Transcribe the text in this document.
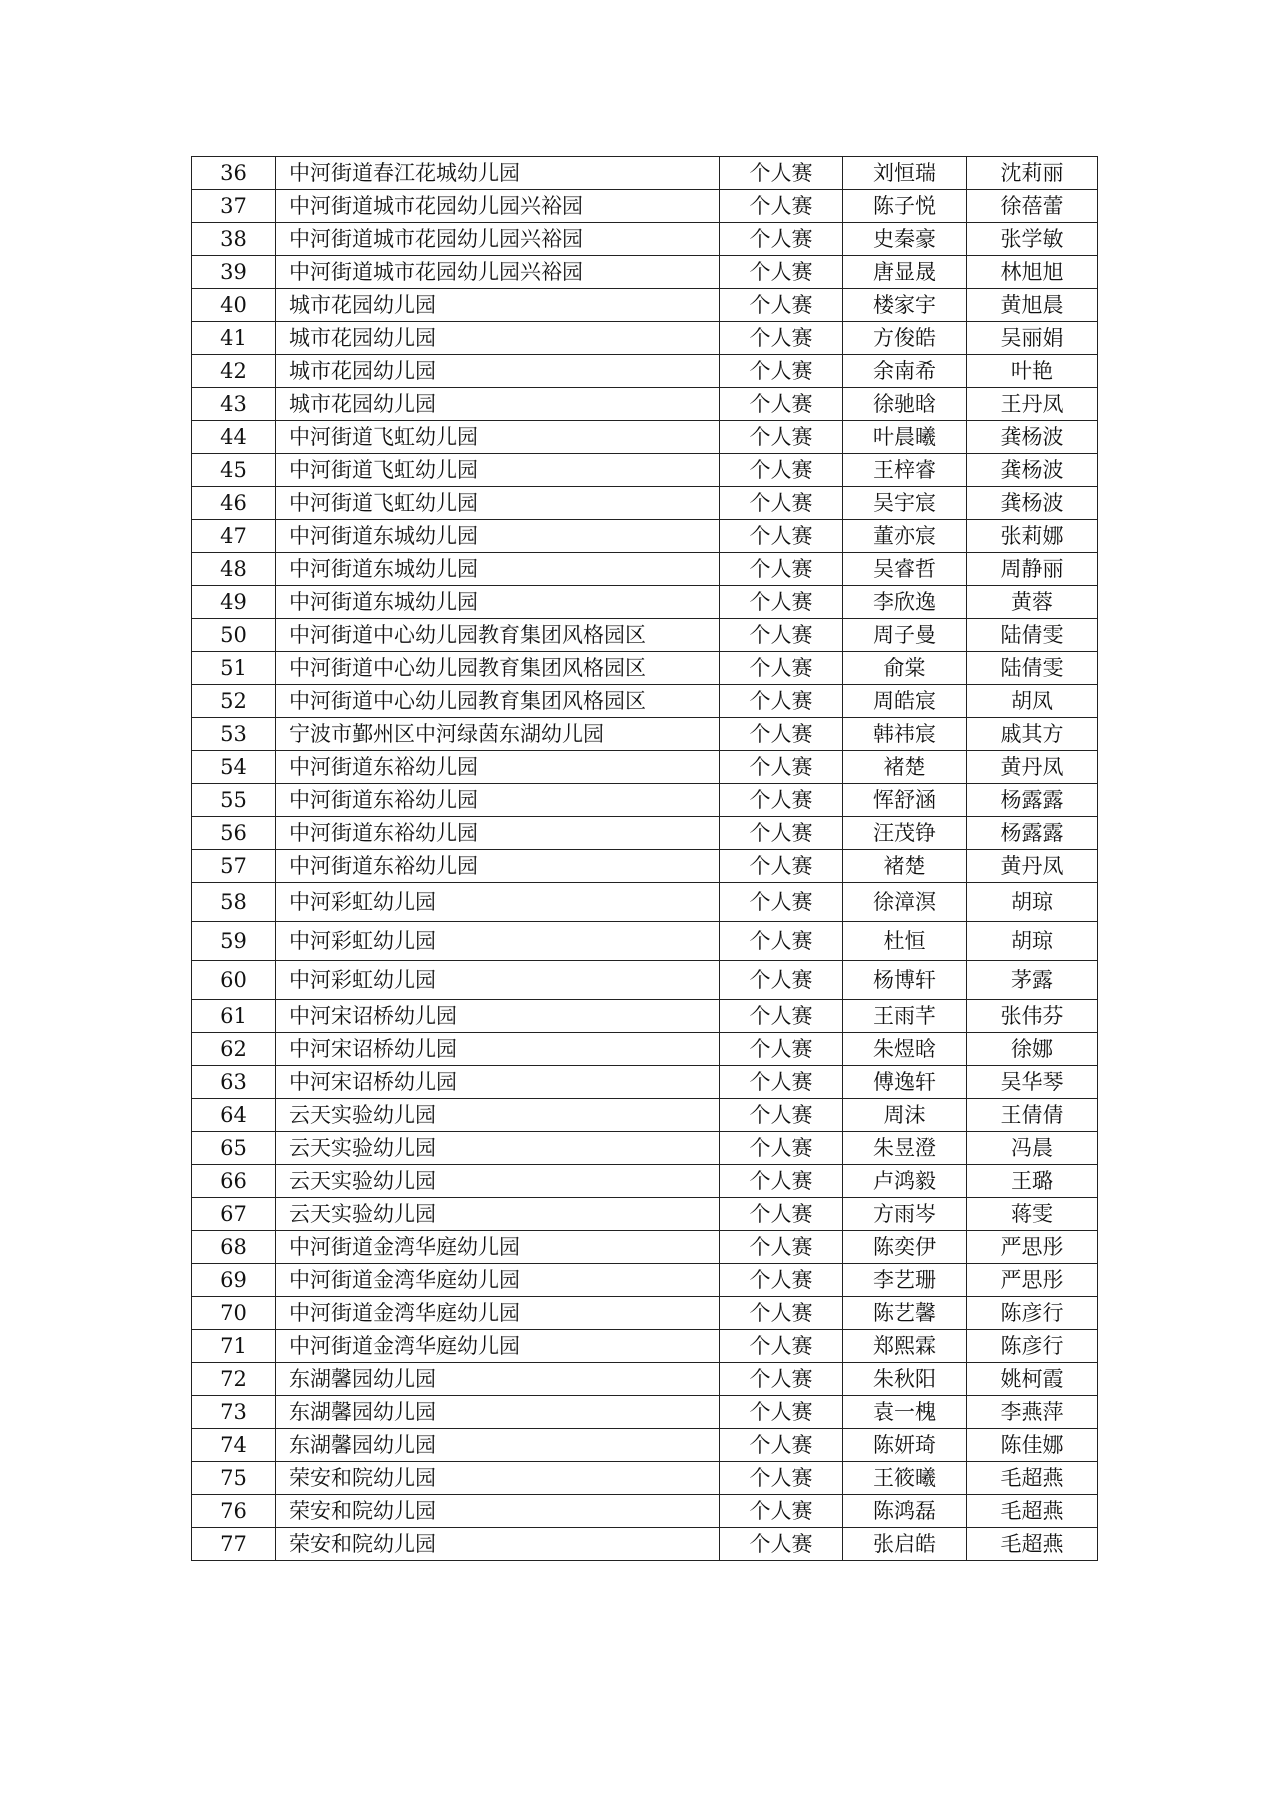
36	中河街道春江花城幼儿园	个人赛	刘恒瑞	沈莉丽
37	中河街道城市花园幼儿园兴裕园	个人赛	陈子悦	徐蓓蕾
38	中河街道城市花园幼儿园兴裕园	个人赛	史秦豪	张学敏
39	中河街道城市花园幼儿园兴裕园	个人赛	唐显晟	林旭旭
40	城市花园幼儿园	个人赛	楼家宇	黄旭晨
41	城市花园幼儿园	个人赛	方俊皓	吴丽娟
42	城市花园幼儿园	个人赛	余南希	叶艳
43	城市花园幼儿园	个人赛	徐驰晗	王丹凤
44	中河街道飞虹幼儿园	个人赛	叶晨曦	龚杨波
45	中河街道飞虹幼儿园	个人赛	王梓睿	龚杨波
46	中河街道飞虹幼儿园	个人赛	吴宇宸	龚杨波
47	中河街道东城幼儿园	个人赛	董亦宸	张莉娜
48	中河街道东城幼儿园	个人赛	吴睿哲	周静丽
49	中河街道东城幼儿园	个人赛	李欣逸	黄蓉
50	中河街道中心幼儿园教育集团风格园区	个人赛	周子曼	陆倩雯
51	中河街道中心幼儿园教育集团风格园区	个人赛	俞棠	陆倩雯
52	中河街道中心幼儿园教育集团风格园区	个人赛	周皓宸	胡凤
53	宁波市鄞州区中河绿茵东湖幼儿园	个人赛	韩祎宸	戚其方
54	中河街道东裕幼儿园	个人赛	褚楚	黄丹凤
55	中河街道东裕幼儿园	个人赛	恽舒涵	杨露露
56	中河街道东裕幼儿园	个人赛	汪茂铮	杨露露
57	中河街道东裕幼儿园	个人赛	褚楚	黄丹凤
58	中河彩虹幼儿园	个人赛	徐漳溟	胡琼
59	中河彩虹幼儿园	个人赛	杜恒	胡琼
60	中河彩虹幼儿园	个人赛	杨博轩	茅露
61	中河宋诏桥幼儿园	个人赛	王雨芊	张伟芬
62	中河宋诏桥幼儿园	个人赛	朱煜晗	徐娜
63	中河宋诏桥幼儿园	个人赛	傅逸轩	吴华琴
64	云天实验幼儿园	个人赛	周沫	王倩倩
65	云天实验幼儿园	个人赛	朱昱澄	冯晨
66	云天实验幼儿园	个人赛	卢鸿毅	王璐
67	云天实验幼儿园	个人赛	方雨岑	蒋雯
68	中河街道金湾华庭幼儿园	个人赛	陈奕伊	严思彤
69	中河街道金湾华庭幼儿园	个人赛	李艺珊	严思彤
70	中河街道金湾华庭幼儿园	个人赛	陈艺馨	陈彦行
71	中河街道金湾华庭幼儿园	个人赛	郑熙霖	陈彦行
72	东湖馨园幼儿园	个人赛	朱秋阳	姚柯霞
73	东湖馨园幼儿园	个人赛	袁一槐	李燕萍
74	东湖馨园幼儿园	个人赛	陈妍琦	陈佳娜
75	荣安和院幼儿园	个人赛	王筱曦	毛超燕
76	荣安和院幼儿园	个人赛	陈鸿磊	毛超燕
77	荣安和院幼儿园	个人赛	张启皓	毛超燕
